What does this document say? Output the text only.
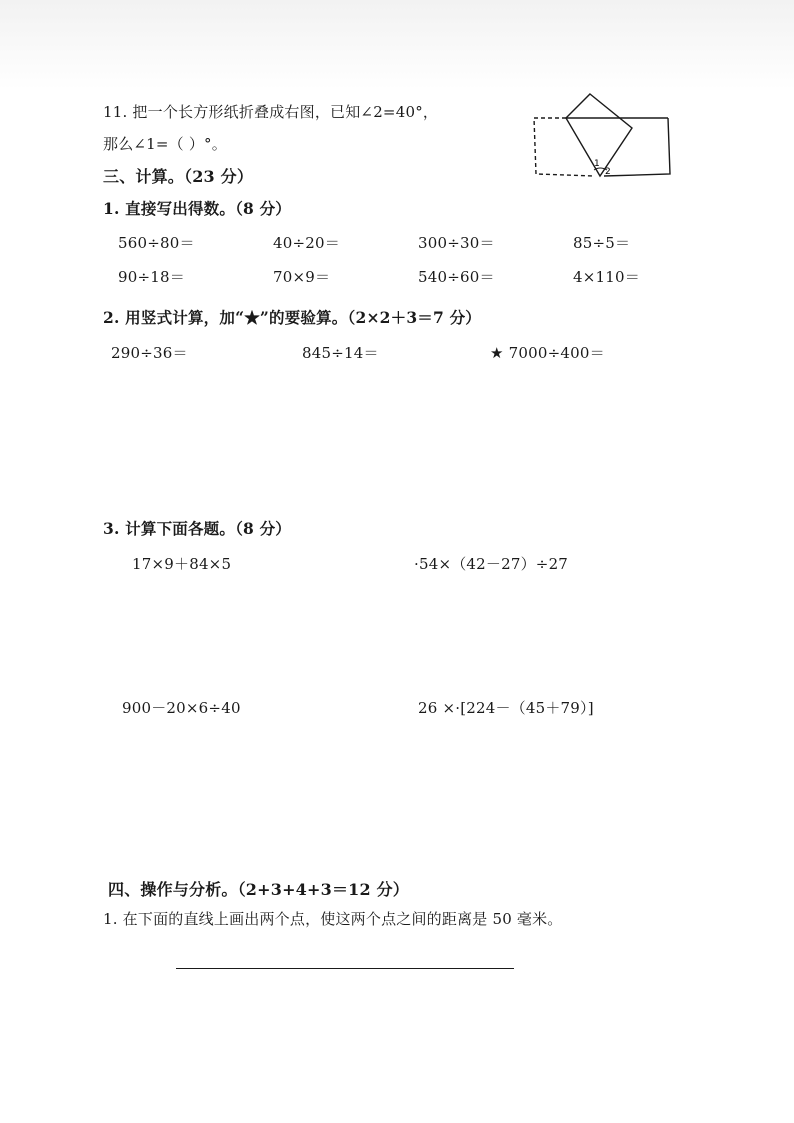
11. 把一个长方形纸折叠成右图，已知∠2=40°，
那么∠1=（ ）°。
1
2
三、计算。（23 分）
1. 直接写出得数。（8 分）
560÷80＝	40÷20＝	300÷30＝	85÷5＝
90÷18＝	70×9＝	540÷60＝	4×110＝
2. 用竖式计算，加“★”的要验算。（2×2＋3＝7 分）
290÷36＝	845÷14＝	★ 7000÷400＝
3. 计算下面各题。（8 分）
17×9＋84×5	·54×（42－27）÷27
900－20×6÷40	26 ×·[224－（45＋79）]
四、操作与分析。（2+3+4+3＝12 分）
1. 在下面的直线上画出两个点，使这两个点之间的距离是 50 毫米。
